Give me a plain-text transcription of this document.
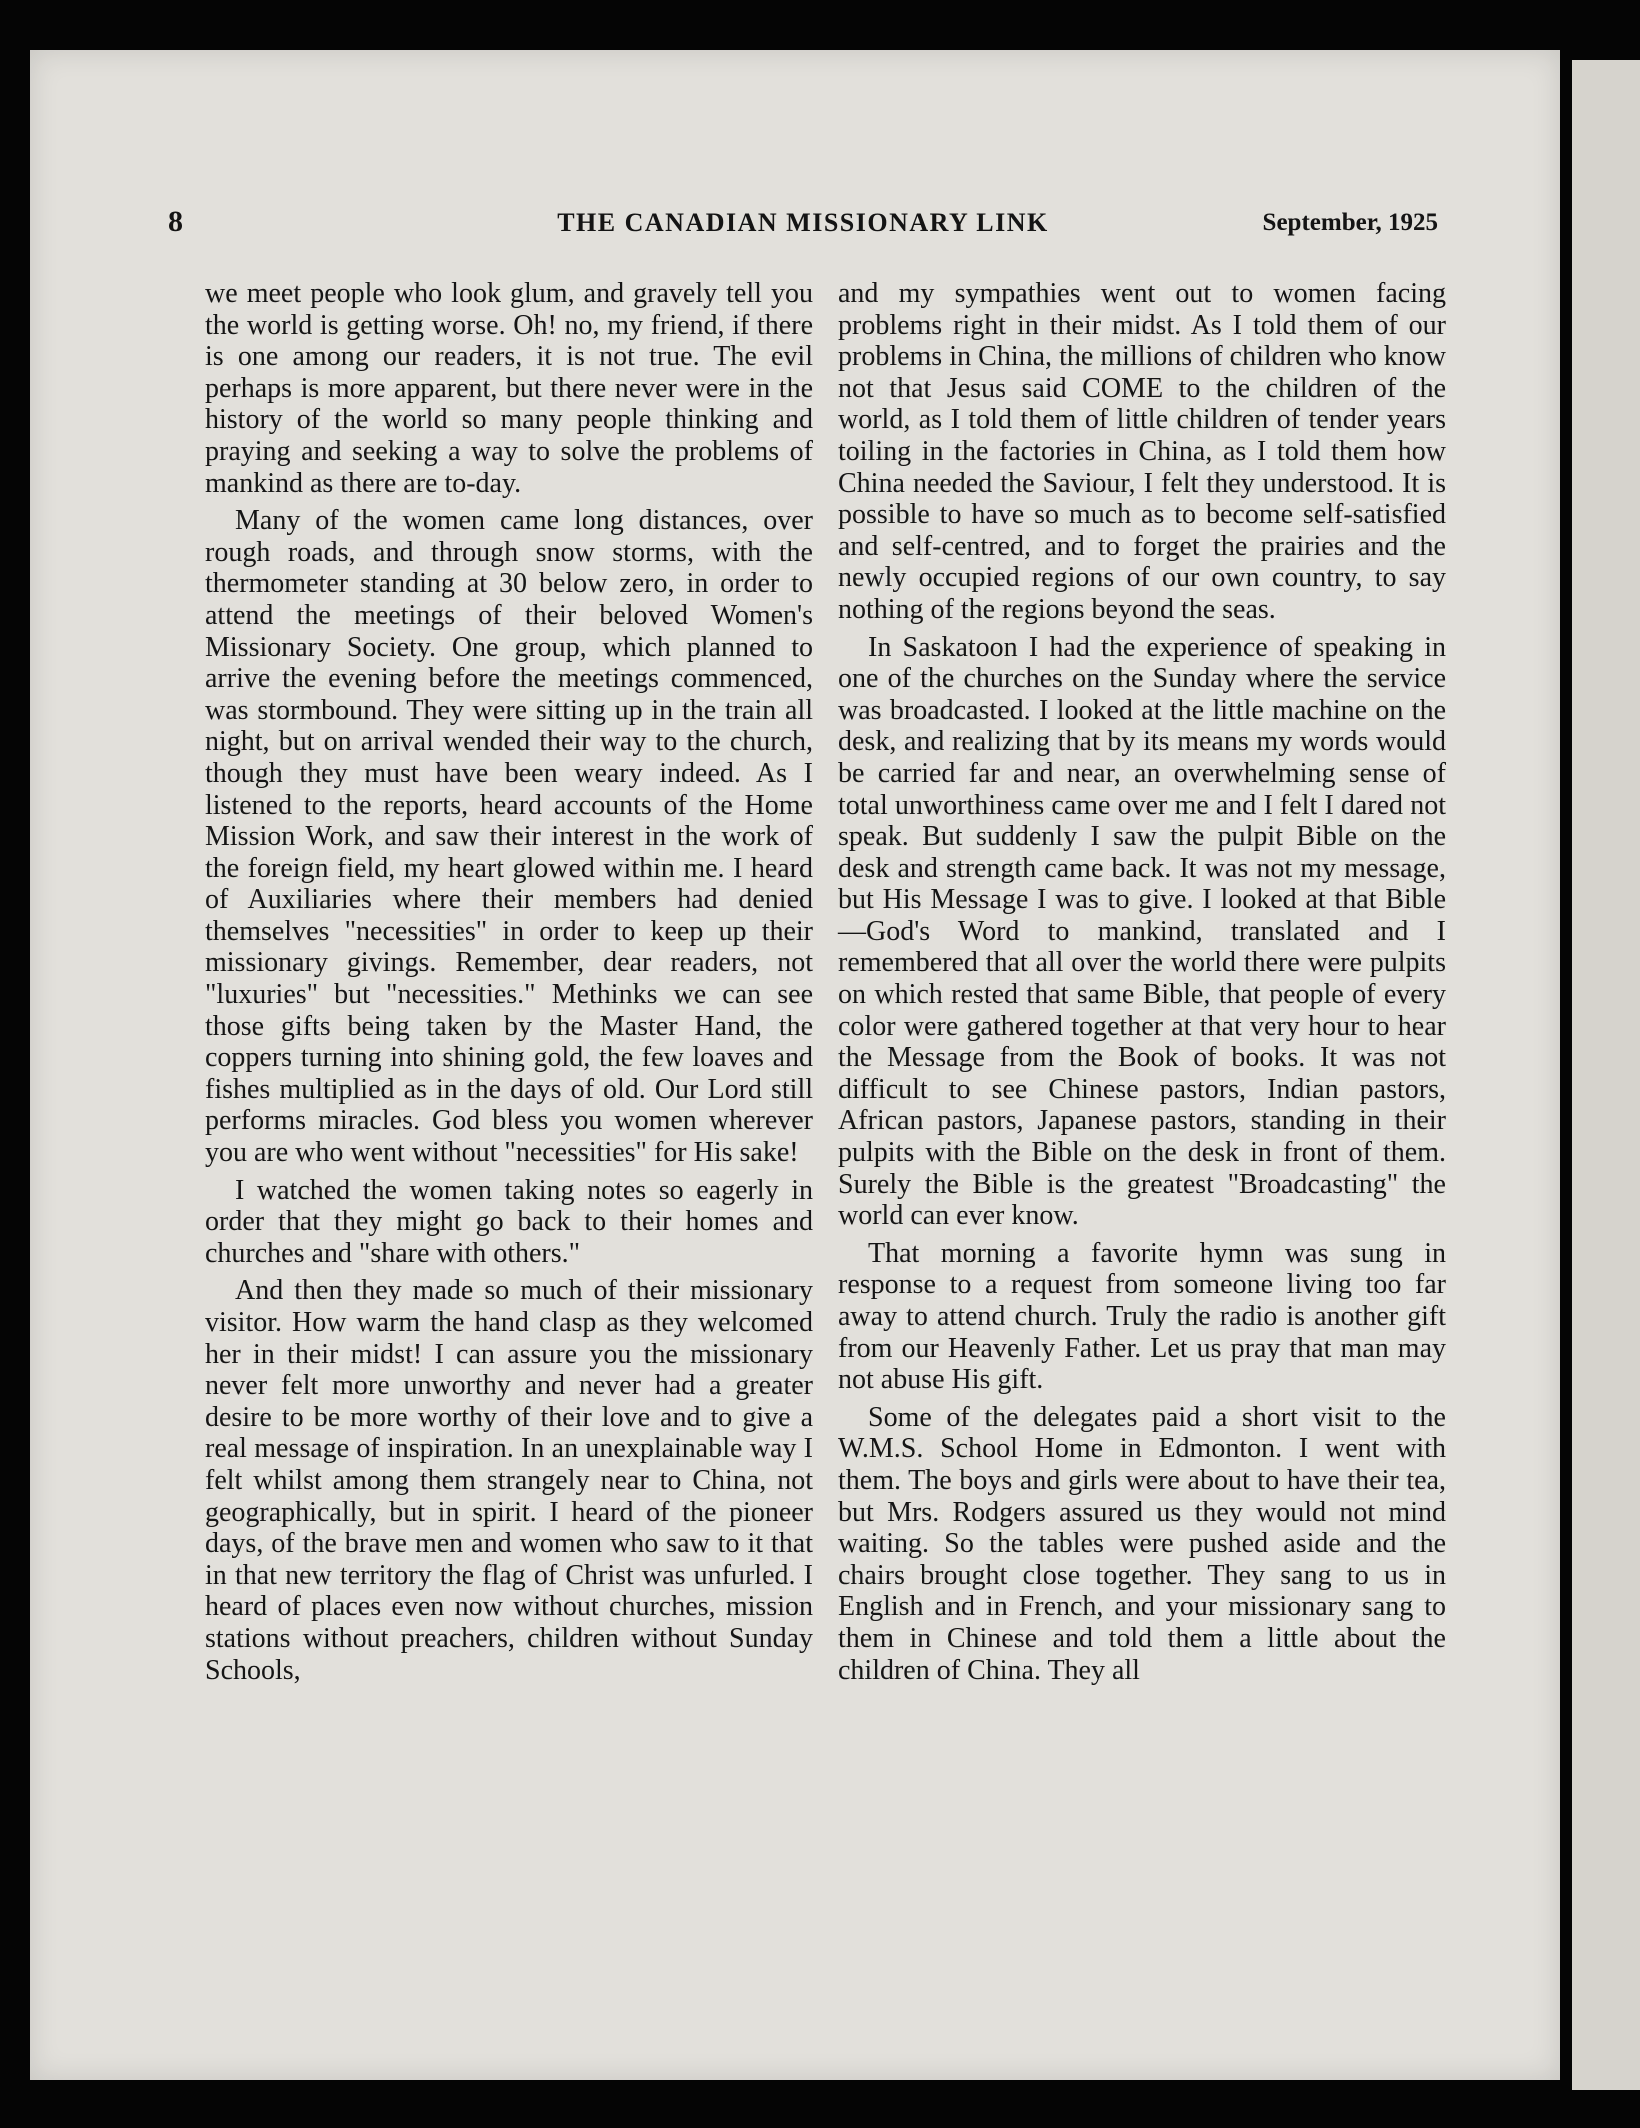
8	THE CANADIAN MISSIONARY LINK	September, 1925

we meet people who look glum, and gravely tell you the world is getting worse. Oh! no, my friend, if there is one among our readers, it is not true. The evil perhaps is more apparent, but there never were in the history of the world so many people thinking and praying and seeking a way to solve the problems of mankind as there are to-day.

Many of the women came long distances, over rough roads, and through snow storms, with the thermometer standing at 30 below zero, in order to attend the meetings of their beloved Women's Missionary Society. One group, which planned to arrive the evening before the meetings commenced, was stormbound. They were sitting up in the train all night, but on arrival wended their way to the church, though they must have been weary indeed. As I listened to the reports, heard accounts of the Home Mission Work, and saw their interest in the work of the foreign field, my heart glowed within me. I heard of Auxiliaries where their members had denied themselves "necessities" in order to keep up their missionary givings. Remember, dear readers, not "luxuries" but "necessities." Methinks we can see those gifts being taken by the Master Hand, the coppers turning into shining gold, the few loaves and fishes multiplied as in the days of old. Our Lord still performs miracles. God bless you women wherever you are who went without "necessities" for His sake!

I watched the women taking notes so eagerly in order that they might go back to their homes and churches and "share with others."

And then they made so much of their missionary visitor. How warm the hand clasp as they welcomed her in their midst! I can assure you the missionary never felt more unworthy and never had a greater desire to be more worthy of their love and to give a real message of inspiration. In an unexplainable way I felt whilst among them strangely near to China, not geographically, but in spirit. I heard of the pioneer days, of the brave men and women who saw to it that in that new territory the flag of Christ was unfurled. I heard of places even now without churches, mission stations without preachers, children without Sunday Schools,

and my sympathies went out to women facing problems right in their midst. As I told them of our problems in China, the millions of children who know not that Jesus said COME to the children of the world, as I told them of little children of tender years toiling in the factories in China, as I told them how China needed the Saviour, I felt they understood. It is possible to have so much as to become self-satisfied and self-centred, and to forget the prairies and the newly occupied regions of our own country, to say nothing of the regions beyond the seas.

In Saskatoon I had the experience of speaking in one of the churches on the Sunday where the service was broadcasted. I looked at the little machine on the desk, and realizing that by its means my words would be carried far and near, an overwhelming sense of total unworthiness came over me and I felt I dared not speak. But suddenly I saw the pulpit Bible on the desk and strength came back. It was not my message, but His Message I was to give. I looked at that Bible—God's Word to mankind, translated and I remembered that all over the world there were pulpits on which rested that same Bible, that people of every color were gathered together at that very hour to hear the Message from the Book of books. It was not difficult to see Chinese pastors, Indian pastors, African pastors, Japanese pastors, standing in their pulpits with the Bible on the desk in front of them. Surely the Bible is the greatest "Broadcasting" the world can ever know.

That morning a favorite hymn was sung in response to a request from someone living too far away to attend church. Truly the radio is another gift from our Heavenly Father. Let us pray that man may not abuse His gift.

Some of the delegates paid a short visit to the W.M.S. School Home in Edmonton. I went with them. The boys and girls were about to have their tea, but Mrs. Rodgers assured us they would not mind waiting. So the tables were pushed aside and the chairs brought close together. They sang to us in English and in French, and your missionary sang to them in Chinese and told them a little about the children of China. They all
